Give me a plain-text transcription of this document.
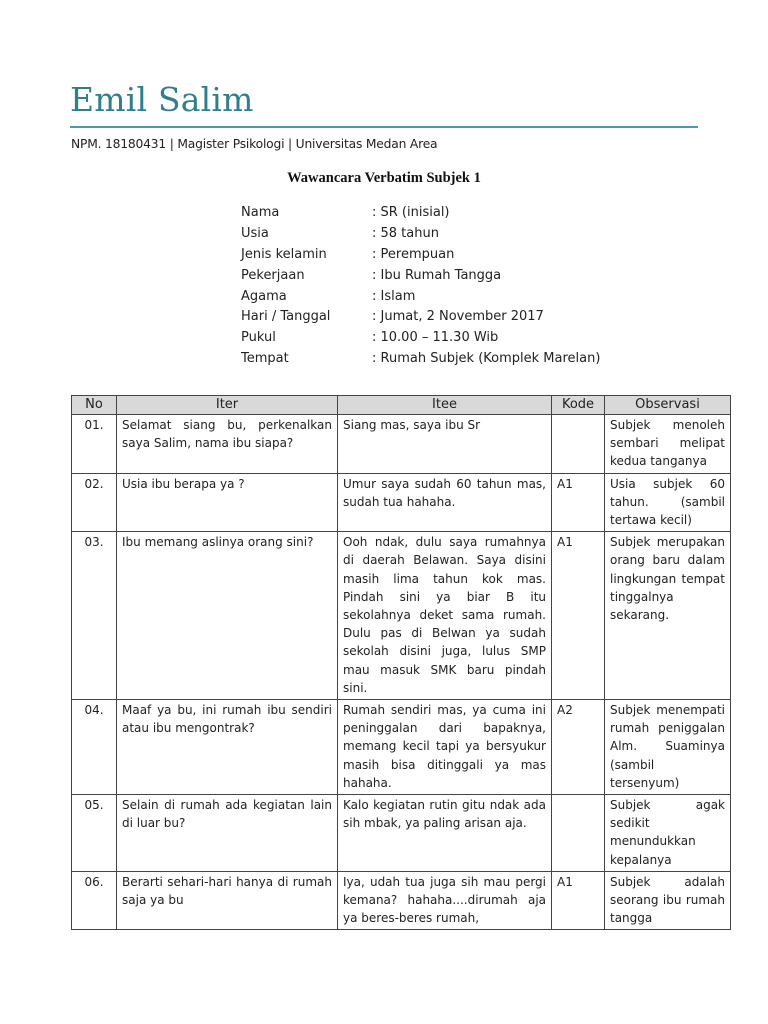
Emil Salim
NPM. 18180431 | Magister Psikologi | Universitas Medan Area
Wawancara Verbatim Subjek 1
Nama	: SR (inisial)
Usia	: 58 tahun
Jenis kelamin	: Perempuan
Pekerjaan	: Ibu Rumah Tangga
Agama	: Islam
Hari / Tanggal	: Jumat, 2 November 2017
Pukul	: 10.00 – 11.30 Wib
Tempat	: Rumah Subjek (Komplek Marelan)
No	Iter	Itee	Kode	Observasi
01.	Selamat siang bu, perkenalkan saya Salim, nama ibu siapa?	Siang mas, saya ibu Sr		Subjek menoleh sembari melipat kedua tanganya
02.	Usia ibu berapa ya ?	Umur saya sudah 60 tahun mas, sudah tua hahaha.	A1	Usia subjek 60 tahun. (sambil tertawa kecil)
03.	Ibu memang aslinya orang sini?	Ooh ndak, dulu saya rumahnya di daerah Belawan. Saya disini masih lima tahun kok mas. Pindah sini ya biar B itu sekolahnya deket sama rumah. Dulu pas di Belwan ya sudah sekolah disini juga, lulus SMP mau masuk SMK baru pindah sini.	A1	Subjek merupakan orang baru dalam lingkungan tempat tinggalnya sekarang.
04.	Maaf ya bu, ini rumah ibu sendiri atau ibu mengontrak?	Rumah sendiri mas, ya cuma ini peninggalan dari bapaknya, memang kecil tapi ya bersyukur masih bisa ditinggali ya mas hahaha.	A2	Subjek menempati rumah peniggalan Alm. Suaminya (sambil tersenyum)
05.	Selain di rumah ada kegiatan lain di luar bu?	Kalo kegiatan rutin gitu ndak ada sih mbak, ya paling arisan aja.		Subjek agak sedikit menundukkan kepalanya
06.	Berarti sehari-hari hanya di rumah saja ya bu	Iya, udah tua juga sih mau pergi kemana? hahaha....dirumah aja ya beres-beres rumah,	A1	Subjek adalah seorang ibu rumah tangga
